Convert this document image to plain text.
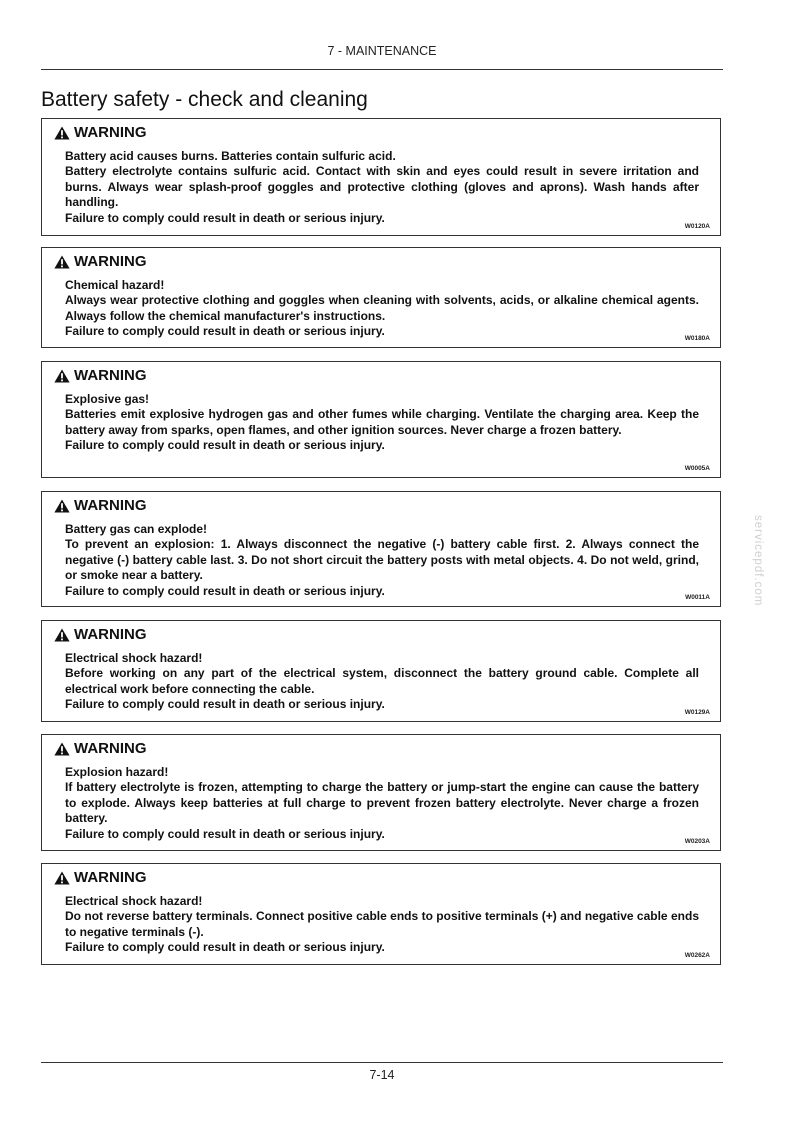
7 - MAINTENANCE
Battery safety - check and cleaning
WARNING

Battery acid causes burns. Batteries contain sulfuric acid.

Battery electrolyte contains sulfuric acid. Contact with skin and eyes could result in severe irritation and burns. Always wear splash-proof goggles and protective clothing (gloves and aprons). Wash hands after handling.

Failure to comply could result in death or serious injury.

W0120A
WARNING

Chemical hazard!

Always wear protective clothing and goggles when cleaning with solvents, acids, or alkaline chemical agents. Always follow the chemical manufacturer's instructions.

Failure to comply could result in death or serious injury.

W0180A
WARNING

Explosive gas!

Batteries emit explosive hydrogen gas and other fumes while charging. Ventilate the charging area. Keep the battery away from sparks, open flames, and other ignition sources. Never charge a frozen battery.

Failure to comply could result in death or serious injury.

W0005A
WARNING

Battery gas can explode!

To prevent an explosion: 1. Always disconnect the negative (-) battery cable first. 2. Always connect the negative (-) battery cable last. 3. Do not short circuit the battery posts with metal objects. 4. Do not weld, grind, or smoke near a battery.

Failure to comply could result in death or serious injury.	W0011A
WARNING

Electrical shock hazard!

Before working on any part of the electrical system, disconnect the battery ground cable. Complete all electrical work before connecting the cable.

Failure to comply could result in death or serious injury.

W0129A
WARNING

Explosion hazard!

If battery electrolyte is frozen, attempting to charge the battery or jump-start the engine can cause the battery to explode. Always keep batteries at full charge to prevent frozen battery electrolyte. Never charge a frozen battery.

Failure to comply could result in death or serious injury.

W0203A
WARNING

Electrical shock hazard!

Do not reverse battery terminals. Connect positive cable ends to positive terminals (+) and negative cable ends to negative terminals (-).

Failure to comply could result in death or serious injury.

W0262A
servicepdf.com
7-14
